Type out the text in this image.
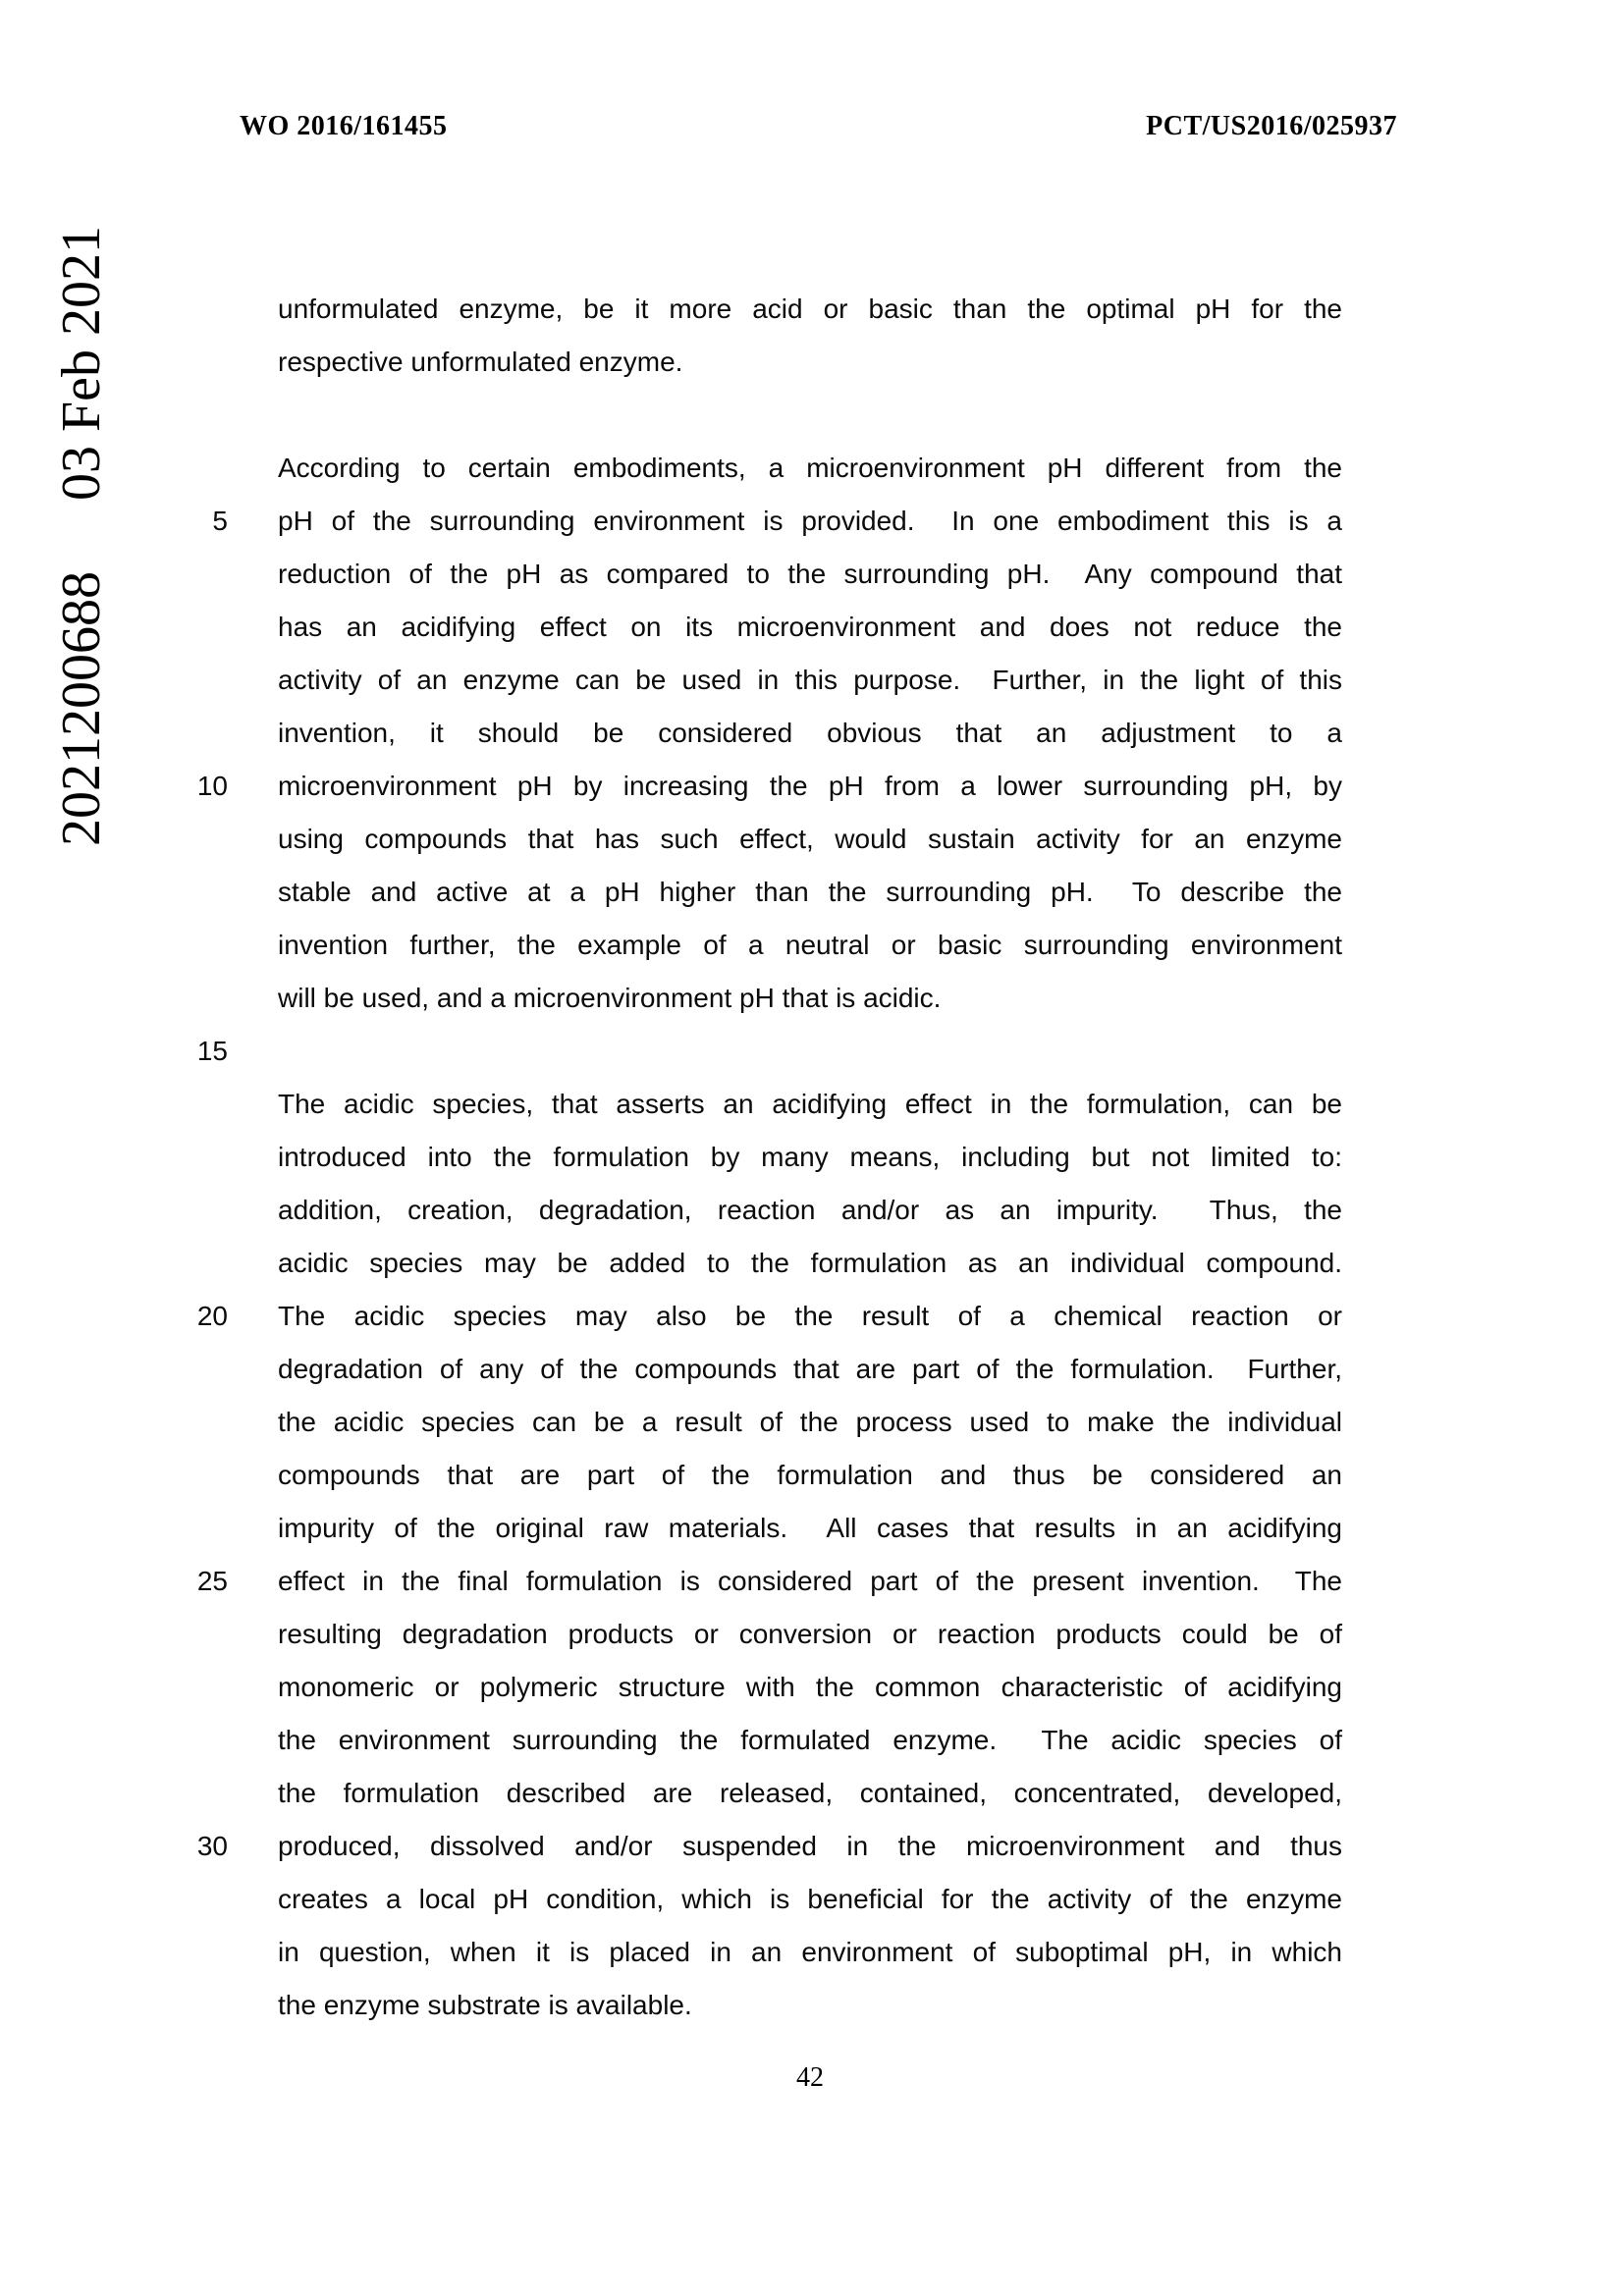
WO 2016/161455	PCT/US2016/025937
202120068803 Feb 2021	unformulated enzyme, be it more acid or basic than the optimal pH for the
respective unformulated enzyme.
According to certain embodiments, a microenvironment pH different from the
5 pH of the surrounding environment is provided.  In one embodiment this is a
reduction of the pH as compared to the surrounding pH.  Any compound that
has an acidifying effect on its microenvironment and does not reduce the
activity of an enzyme can be used in this purpose.  Further, in the light of this
invention, it should be considered obvious that an adjustment to a
10 microenvironment pH by increasing the pH from a lower surrounding pH, by
using compounds that has such effect, would sustain activity for an enzyme
stable and active at a pH higher than the surrounding pH.  To describe the
invention further, the example of a neutral or basic surrounding environment
will be used, and a microenvironment pH that is acidic.
15
The acidic species, that asserts an acidifying effect in the formulation, can be
introduced into the formulation by many means, including but not limited to:
addition, creation, degradation, reaction and/or as an impurity.  Thus, the
acidic species may be added to the formulation as an individual compound.
20 The acidic species may also be the result of a chemical reaction or
degradation of any of the compounds that are part of the formulation.  Further,
the acidic species can be a result of the process used to make the individual
compounds that are part of the formulation and thus be considered an
impurity of the original raw materials.  All cases that results in an acidifying
25 effect in the final formulation is considered part of the present invention.  The
resulting degradation products or conversion or reaction products could be of
monomeric or polymeric structure with the common characteristic of acidifying
the environment surrounding the formulated enzyme.  The acidic species of
the formulation described are released, contained, concentrated, developed,
30 produced, dissolved and/or suspended in the microenvironment and thus
creates a local pH condition, which is beneficial for the activity of the enzyme
in question, when it is placed in an environment of suboptimal pH, in which
the enzyme substrate is available.
42
